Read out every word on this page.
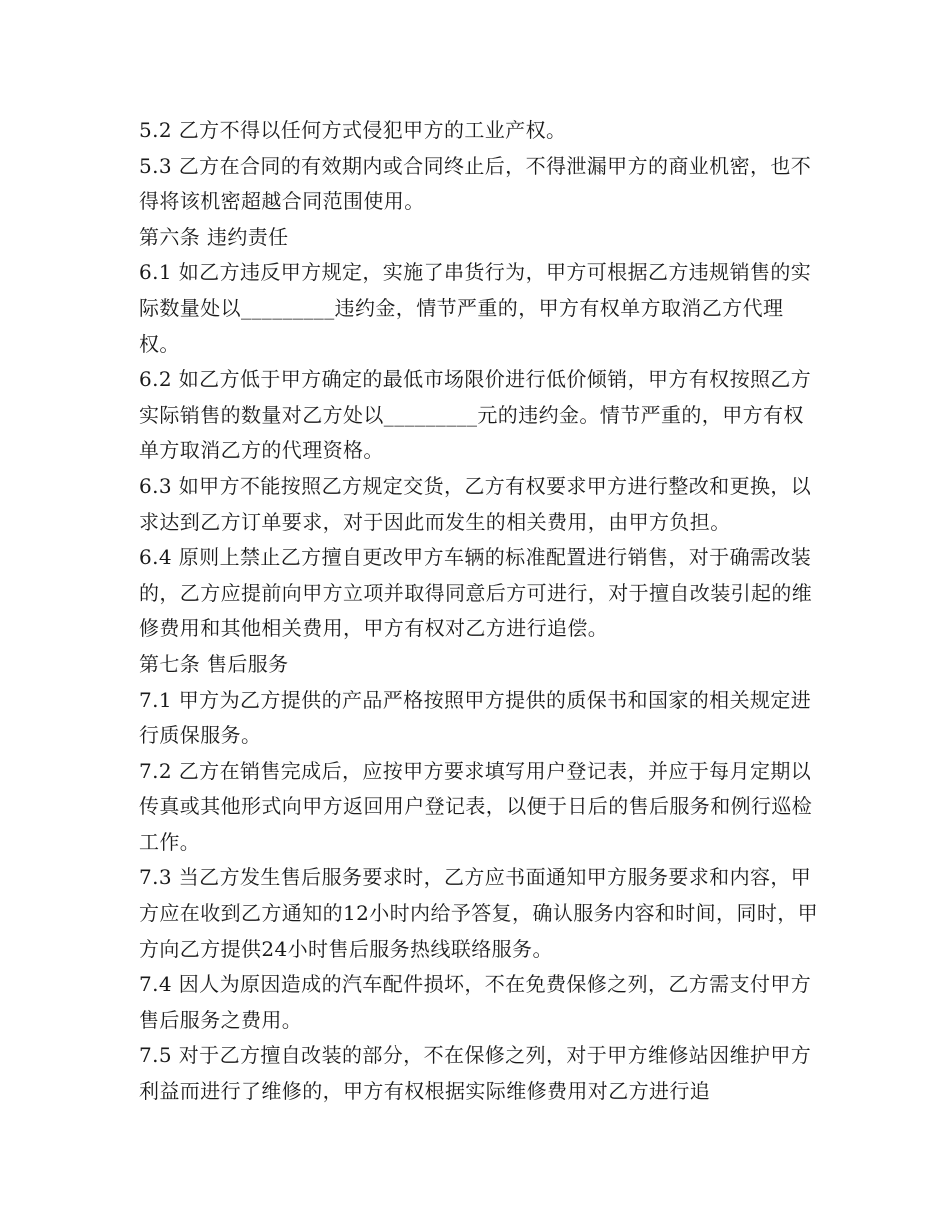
5.2 乙方不得以任何方式侵犯甲方的工业产权。

5.3 乙方在合同的有效期内或合同终止后，不得泄漏甲方的商业机密，也不得将该机密超越合同范围使用。

第六条 违约责任

6.1 如乙方违反甲方规定，实施了串货行为，甲方可根据乙方违规销售的实际数量处以_________违约金，情节严重的，甲方有权单方取消乙方代理权。

6.2 如乙方低于甲方确定的最低市场限价进行低价倾销，甲方有权按照乙方实际销售的数量对乙方处以_________元的违约金。情节严重的，甲方有权单方取消乙方的代理资格。

6.3 如甲方不能按照乙方规定交货，乙方有权要求甲方进行整改和更换，以求达到乙方订单要求，对于因此而发生的相关费用，由甲方负担。

6.4 原则上禁止乙方擅自更改甲方车辆的标准配置进行销售，对于确需改装的，乙方应提前向甲方立项并取得同意后方可进行，对于擅自改装引起的维修费用和其他相关费用，甲方有权对乙方进行追偿。

第七条 售后服务

7.1 甲方为乙方提供的产品严格按照甲方提供的质保书和国家的相关规定进行质保服务。

7.2 乙方在销售完成后，应按甲方要求填写用户登记表，并应于每月定期以传真或其他形式向甲方返回用户登记表，以便于日后的售后服务和例行巡检工作。

7.3 当乙方发生售后服务要求时，乙方应书面通知甲方服务要求和内容，甲方应在收到乙方通知的12小时内给予答复，确认服务内容和时间，同时，甲方向乙方提供24小时售后服务热线联络服务。

7.4 因人为原因造成的汽车配件损坏，不在免费保修之列，乙方需支付甲方售后服务之费用。

7.5 对于乙方擅自改装的部分，不在保修之列，对于甲方维修站因维护甲方利益而进行了维修的，甲方有权根据实际维修费用对乙方进行追
